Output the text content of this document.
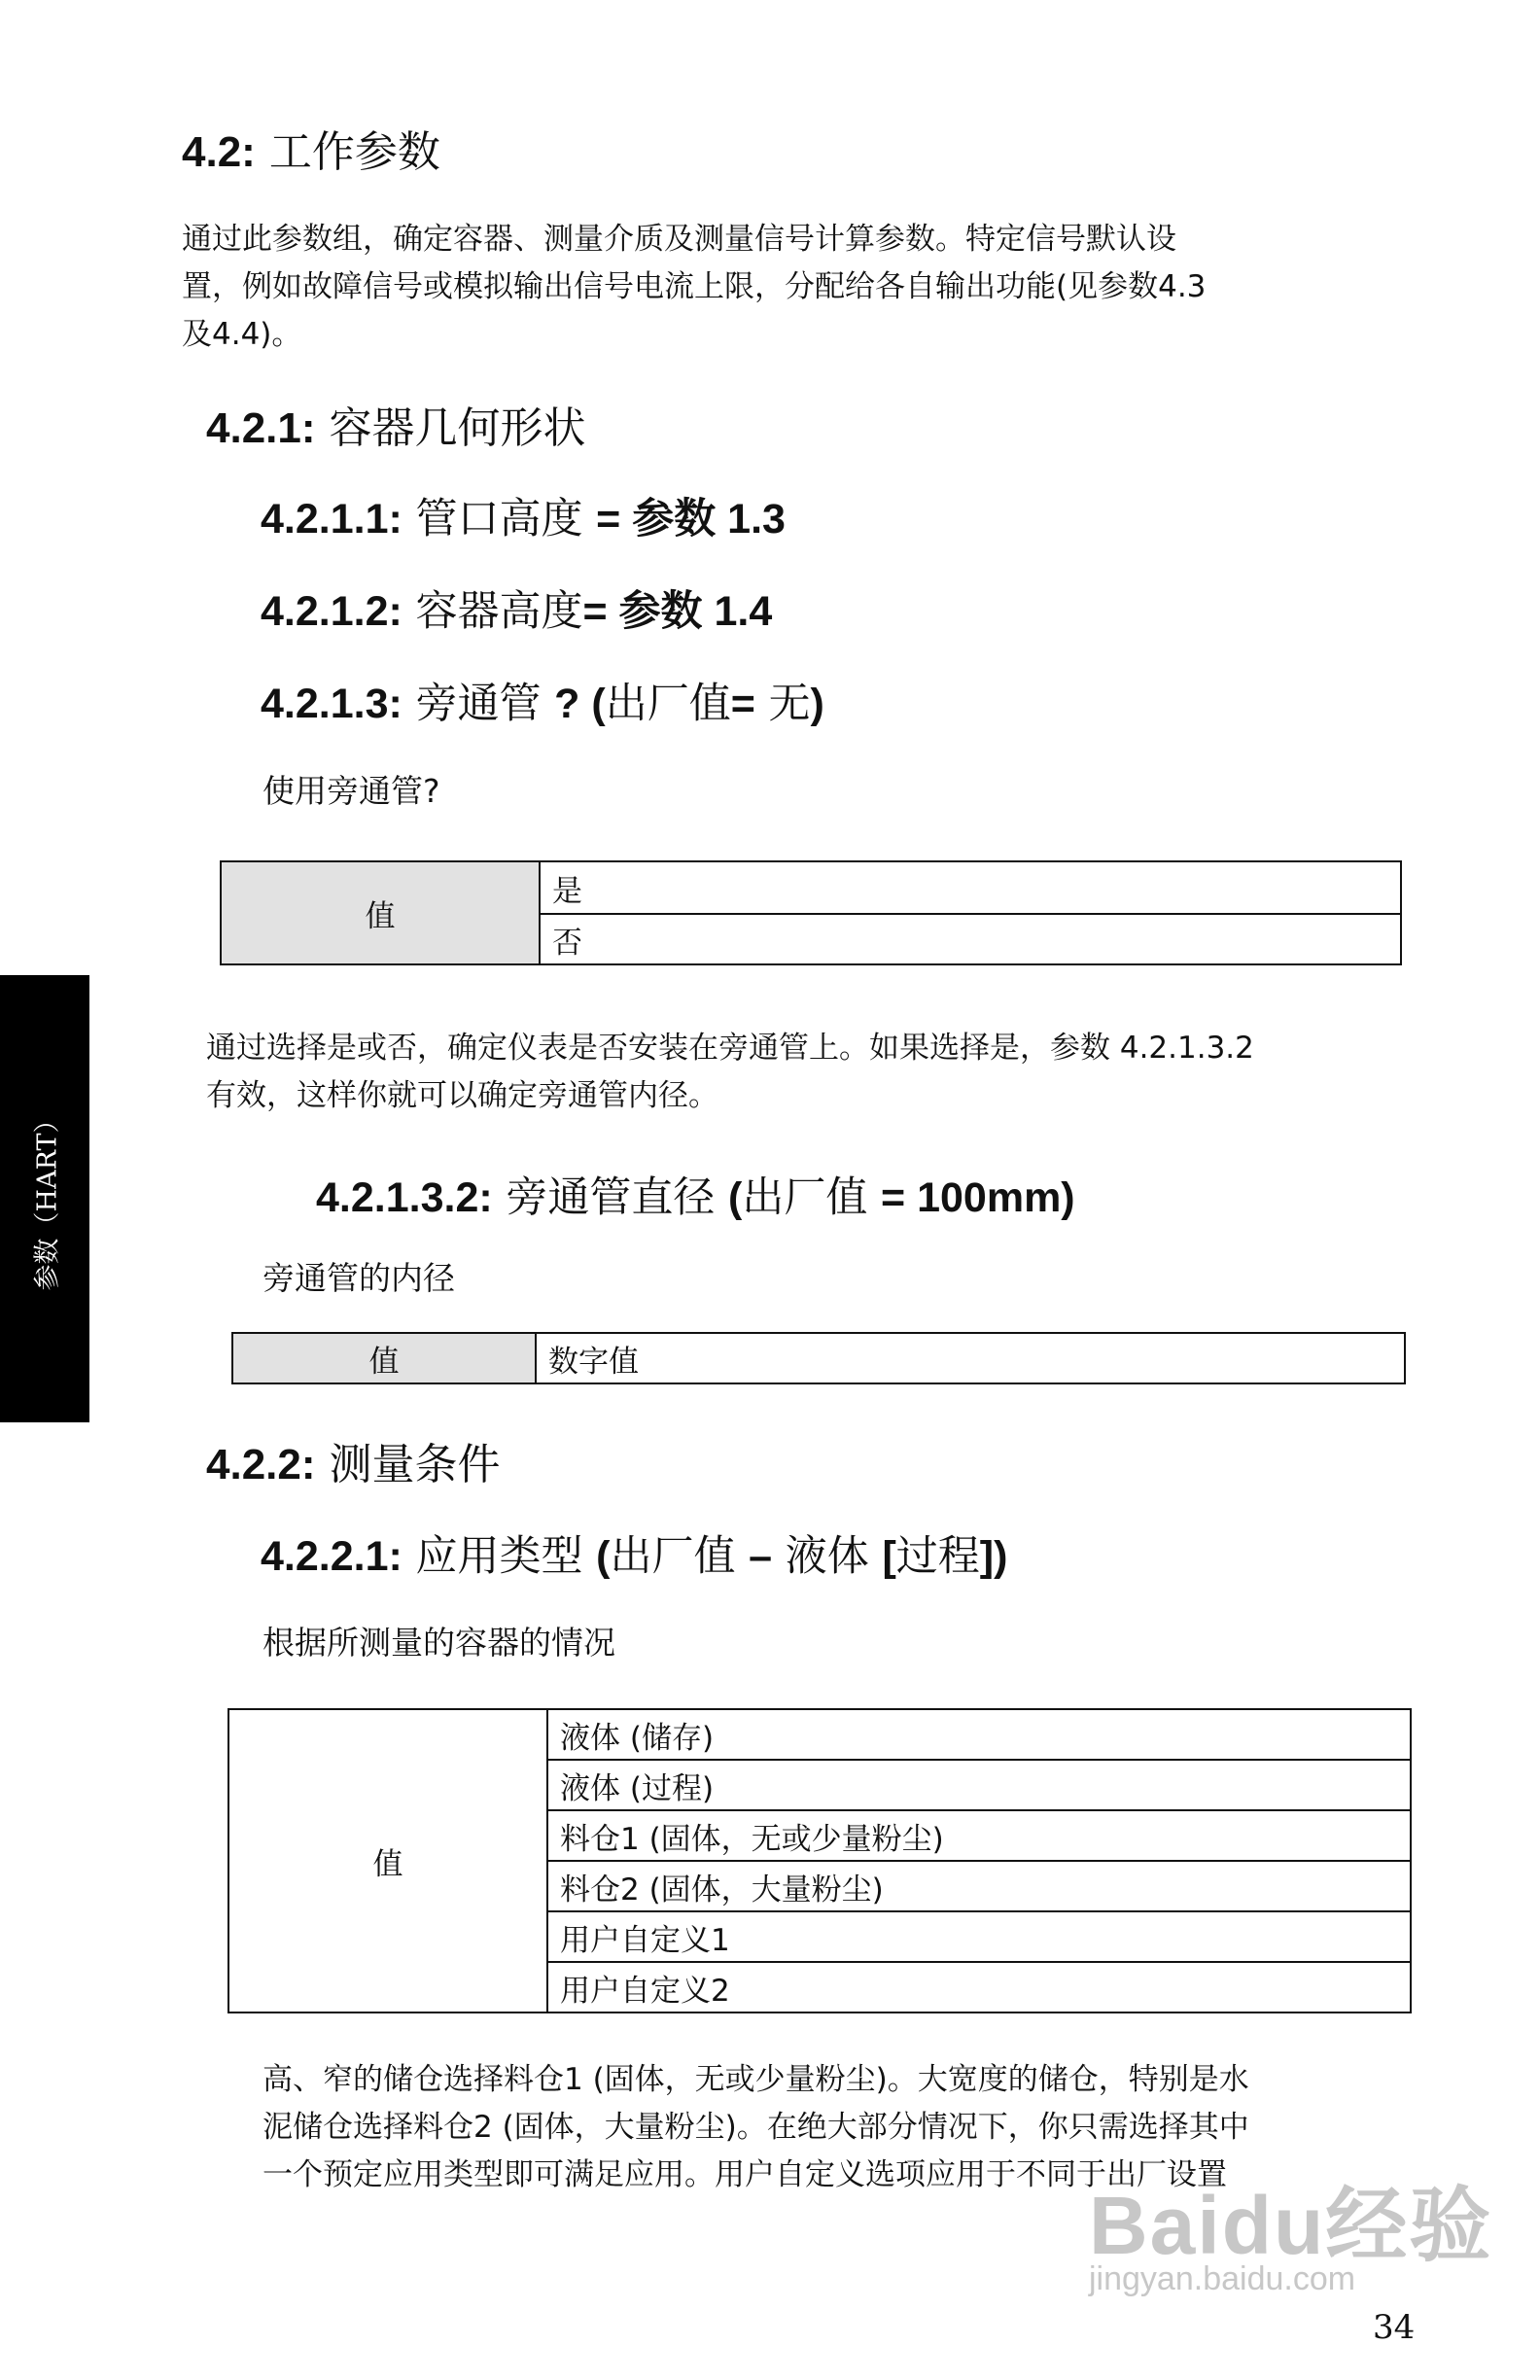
参数（HART）
4.2: 工作参数
通过此参数组，确定容器、测量介质及测量信号计算参数。特定信号默认设
置，例如故障信号或模拟输出信号电流上限，分配给各自输出功能(见参数4.3
及4.4)。
4.2.1: 容器几何形状
4.2.1.1: 管口高度 = 参数 1.3
4.2.1.2: 容器高度= 参数 1.4
4.2.1.3: 旁通管 ? (出厂值= 无)
使用旁通管?
值	是
否
通过选择是或否，确定仪表是否安装在旁通管上。如果选择是，参数 4.2.1.3.2
有效，这样你就可以确定旁通管内径。
4.2.1.3.2: 旁通管直径 (出厂值 = 100mm)
旁通管的内径
值	数字值
4.2.2: 测量条件
4.2.2.1: 应用类型 (出厂值 – 液体 [过程])
根据所测量的容器的情况
值	液体 (储存)
液体 (过程)
料仓1 (固体，无或少量粉尘)
料仓2 (固体，大量粉尘)
用户自定义1
用户自定义2
高、窄的储仓选择料仓1 (固体，无或少量粉尘)。大宽度的储仓，特别是水
泥储仓选择料仓2 (固体，大量粉尘)。在绝大部分情况下，你只需选择其中
一个预定应用类型即可满足应用。用户自定义选项应用于不同于出厂设置
Baidu经验
jingyan.baidu.com
34
